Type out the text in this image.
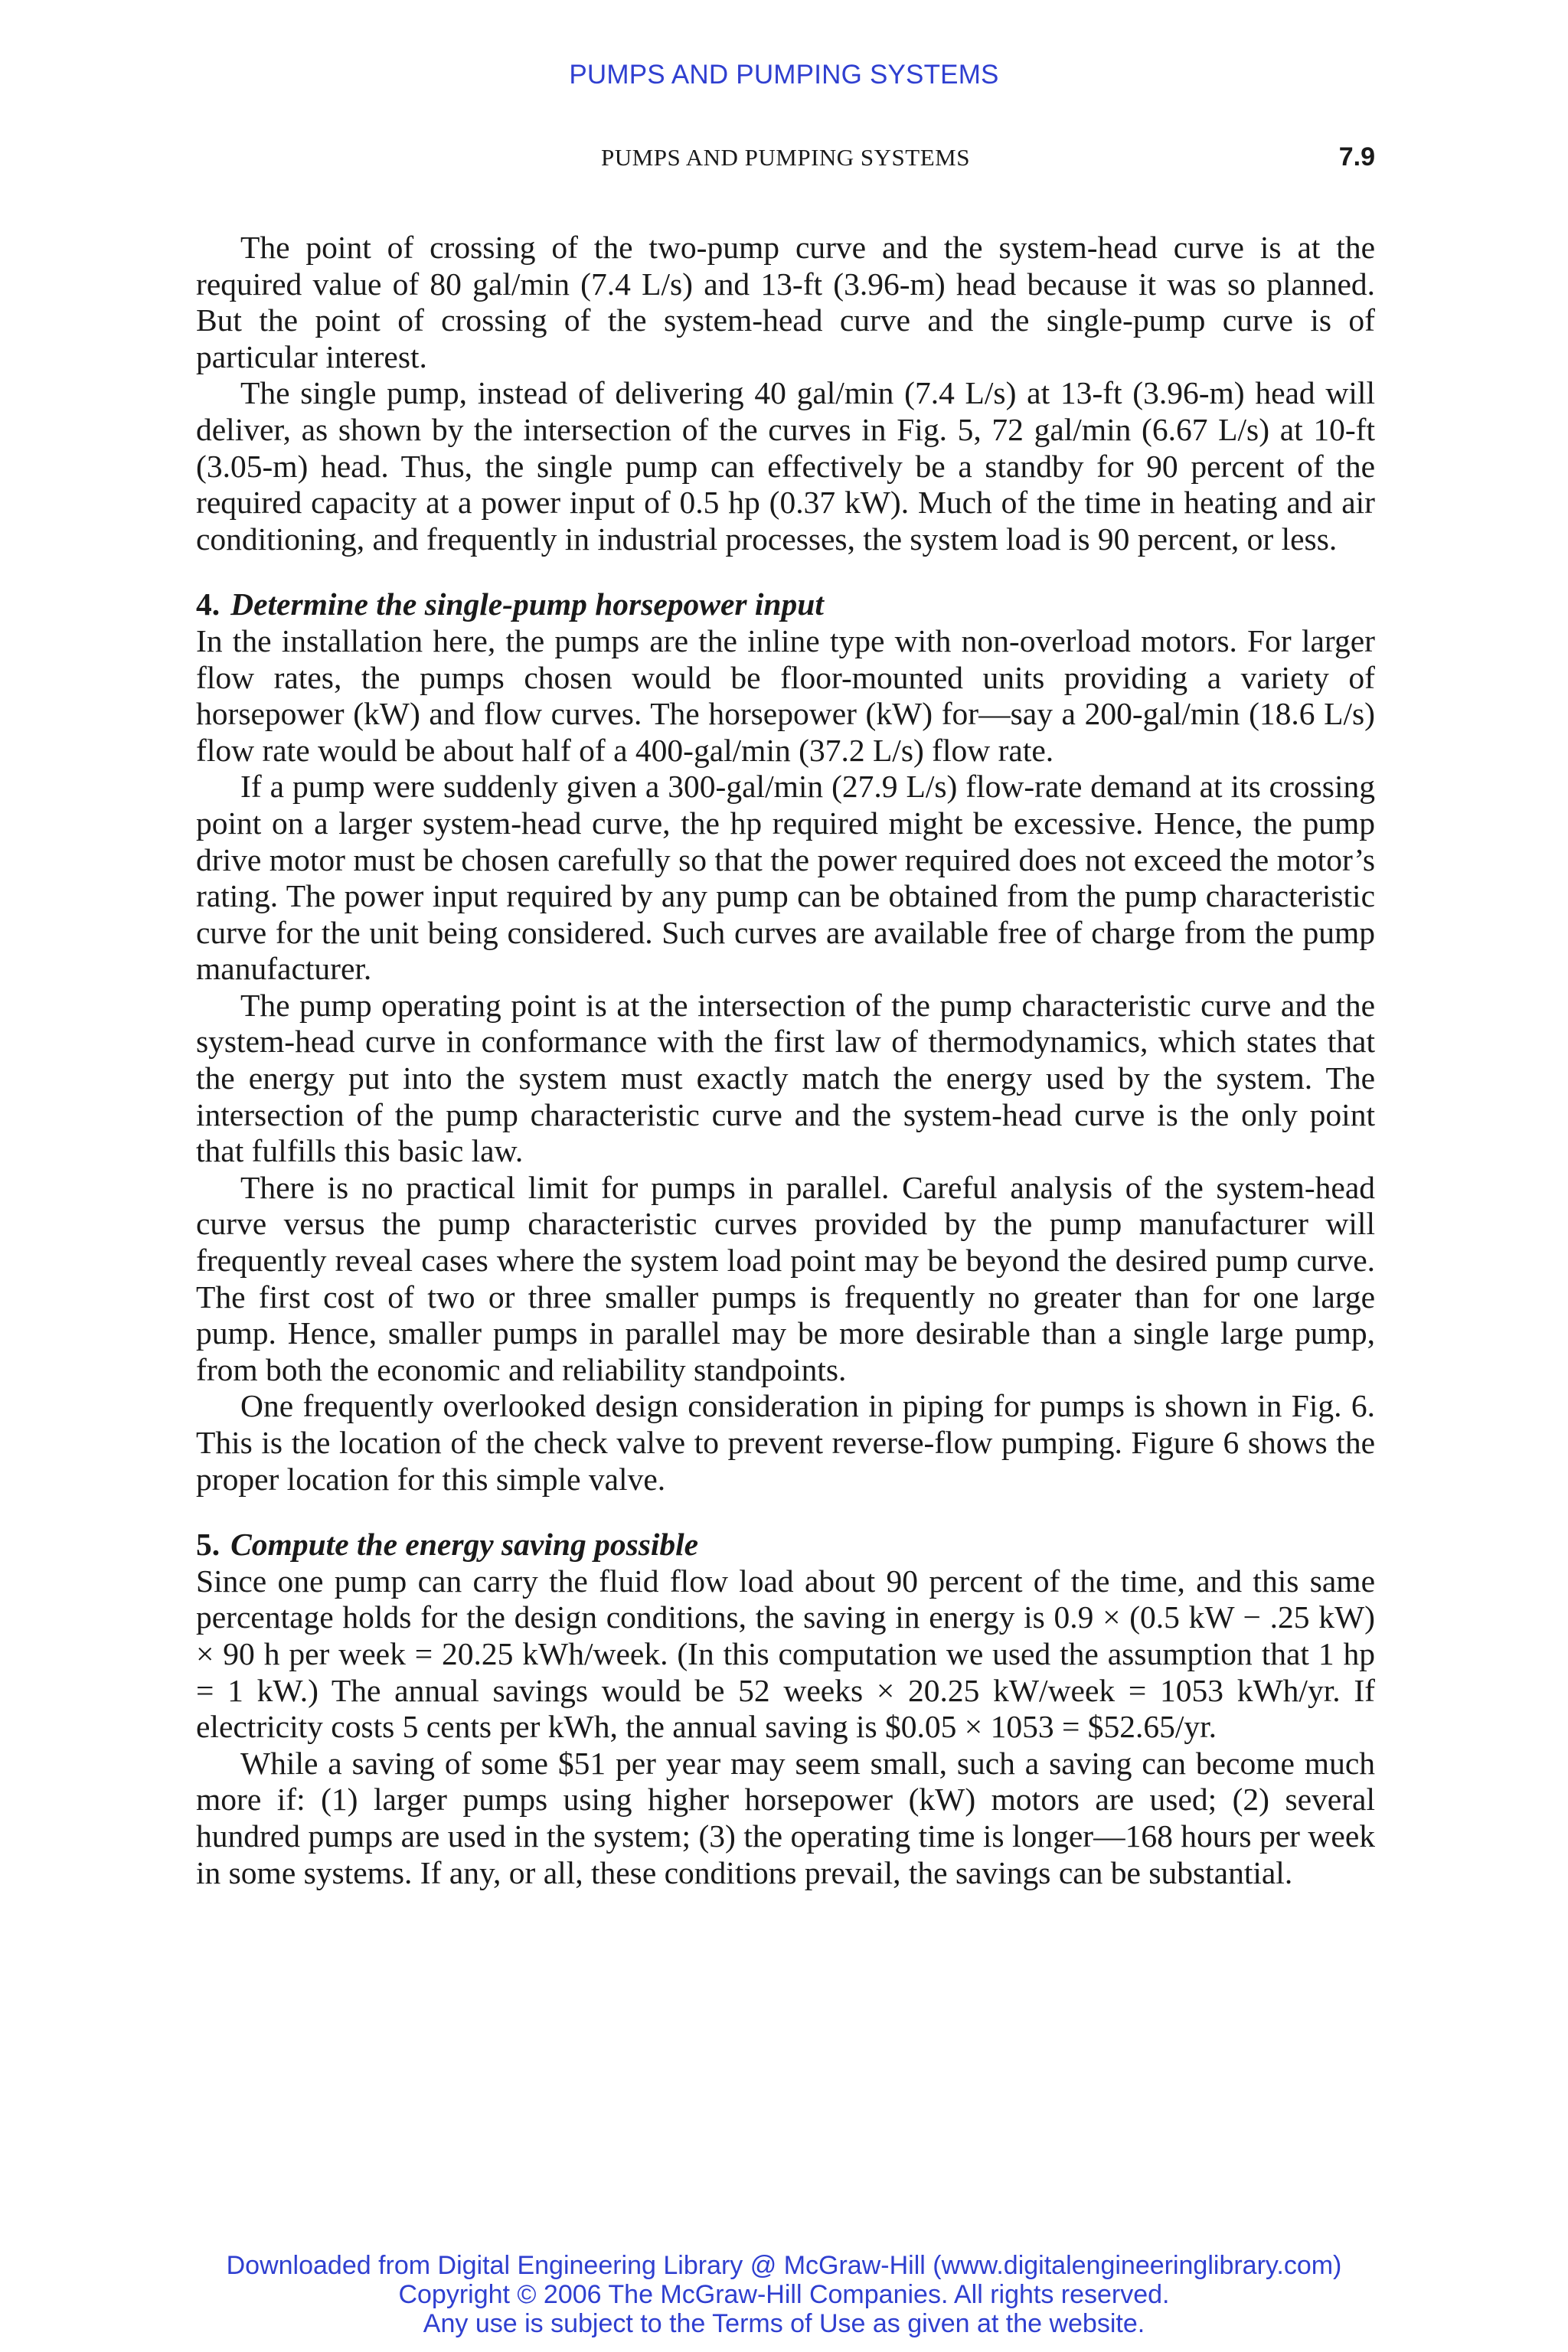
PUMPS AND PUMPING SYSTEMS
PUMPS AND PUMPING SYSTEMS	7.9

The point of crossing of the two-pump curve and the system-head curve is at the required value of 80 gal/min (7.4 L/s) and 13-ft (3.96-m) head because it was so planned. But the point of crossing of the system-head curve and the single-pump curve is of particular interest.

The single pump, instead of delivering 40 gal/min (7.4 L/s) at 13-ft (3.96-m) head will deliver, as shown by the intersection of the curves in Fig. 5, 72 gal/min (6.67 L/s) at 10-ft (3.05-m) head. Thus, the single pump can effectively be a standby for 90 percent of the required capacity at a power input of 0.5 hp (0.37 kW). Much of the time in heating and air conditioning, and frequently in industrial processes, the system load is 90 percent, or less.

4. Determine the single-pump horsepower input

In the installation here, the pumps are the inline type with non-overload motors. For larger flow rates, the pumps chosen would be floor-mounted units providing a variety of horsepower (kW) and flow curves. The horsepower (kW) for—say a 200-gal/min (18.6 L/s) flow rate would be about half of a 400-gal/min (37.2 L/s) flow rate.

If a pump were suddenly given a 300-gal/min (27.9 L/s) flow-rate demand at its crossing point on a larger system-head curve, the hp required might be excessive. Hence, the pump drive motor must be chosen carefully so that the power required does not exceed the motor’s rating. The power input required by any pump can be obtained from the pump characteristic curve for the unit being considered. Such curves are available free of charge from the pump manufacturer.

The pump operating point is at the intersection of the pump characteristic curve and the system-head curve in conformance with the first law of thermodynamics, which states that the energy put into the system must exactly match the energy used by the system. The intersection of the pump characteristic curve and the system-head curve is the only point that fulfills this basic law.

There is no practical limit for pumps in parallel. Careful analysis of the system-head curve versus the pump characteristic curves provided by the pump manufacturer will frequently reveal cases where the system load point may be beyond the desired pump curve. The first cost of two or three smaller pumps is frequently no greater than for one large pump. Hence, smaller pumps in parallel may be more desirable than a single large pump, from both the economic and reliability standpoints.

One frequently overlooked design consideration in piping for pumps is shown in Fig. 6. This is the location of the check valve to prevent reverse-flow pumping. Figure 6 shows the proper location for this simple valve.

5. Compute the energy saving possible

Since one pump can carry the fluid flow load about 90 percent of the time, and this same percentage holds for the design conditions, the saving in energy is 0.9 × (0.5 kW − .25 kW) × 90 h per week = 20.25 kWh/week. (In this computation we used the assumption that 1 hp = 1 kW.) The annual savings would be 52 weeks × 20.25 kW/week = 1053 kWh/yr. If electricity costs 5 cents per kWh, the annual saving is $0.05 × 1053 = $52.65/yr.

While a saving of some $51 per year may seem small, such a saving can become much more if: (1) larger pumps using higher horsepower (kW) motors are used; (2) several hundred pumps are used in the system; (3) the operating time is longer—168 hours per week in some systems. If any, or all, these conditions prevail, the savings can be substantial.

Downloaded from Digital Engineering Library @ McGraw-Hill (www.digitalengineeringlibrary.com)
Copyright © 2006 The McGraw-Hill Companies. All rights reserved.
Any use is subject to the Terms of Use as given at the website.
